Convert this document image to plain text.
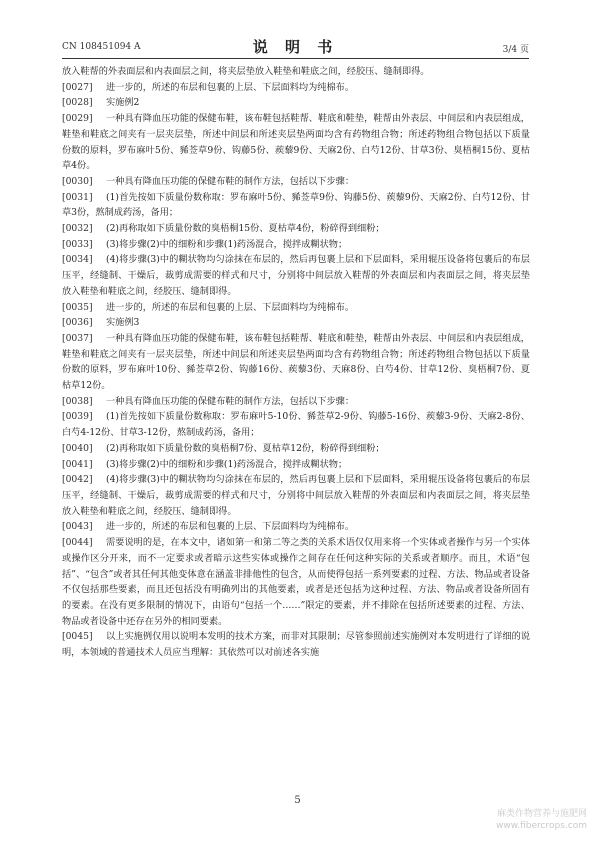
CN 108451094 A	说 明 书	3/4 页

放入鞋帮的外表面层和内表面层之间，将夹层垫放入鞋垫和鞋底之间，经胶压、缝制即得。

[0027] 进一步的，所述的布层和包裹的上层、下层面料均为纯棉布。

[0028] 实施例2

[0029] 一种具有降血压功能的保健布鞋，该布鞋包括鞋帮、鞋底和鞋垫，鞋帮由外表层、中间层和内表层组成，鞋垫和鞋底之间夹有一层夹层垫，所述中间层和所述夹层垫两面均含有药物组合物；所述药物组合物包括以下质量份数的原料，罗布麻叶5份、豨莶草9份、钩藤5份、蒺藜9份、天麻2份、白芍12份、甘草3份、臭梧桐15份、夏枯草4份。

[0030] 一种具有降血压功能的保健布鞋的制作方法，包括以下步骤：

[0031] (1)首先按如下质量份数称取：罗布麻叶5份、豨莶草9份、钩藤5份、蒺藜9份、天麻2份、白芍12份、甘草3份，熬制成药汤，备用；

[0032] (2)再称取如下质量份数的臭梧桐15份、夏枯草4份，粉碎得到细粉；

[0033] (3)将步骤(2)中的细粉和步骤(1)药汤混合，搅拌成糊状物；

[0034] (4)将步骤(3)中的糊状物均匀涂抹在布层的，然后再包裹上层和下层面料，采用辊压设备将包裹后的布层压平，经缝制、干燥后，裁剪成需要的样式和尺寸，分别将中间层放入鞋帮的外表面层和内表面层之间，将夹层垫放入鞋垫和鞋底之间，经胶压、缝制即得。

[0035] 进一步的，所述的布层和包裹的上层、下层面料均为纯棉布。

[0036] 实施例3

[0037] 一种具有降血压功能的保健布鞋，该布鞋包括鞋帮、鞋底和鞋垫，鞋帮由外表层、中间层和内表层组成，鞋垫和鞋底之间夹有一层夹层垫，所述中间层和所述夹层垫两面均含有药物组合物；所述药物组合物包括以下质量份数的原料，罗布麻叶10份、豨莶草2份、钩藤16份、蒺藜3份、天麻8份、白芍4份、甘草12份、臭梧桐7份、夏枯草12份。

[0038] 一种具有降血压功能的保健布鞋的制作方法，包括以下步骤：

[0039] (1)首先按如下质量份数称取：罗布麻叶5-10份、豨莶草2-9份、钩藤5-16份、蒺藜3-9份、天麻2-8份、白芍4-12份、甘草3-12份，熬制成药汤，备用；

[0040] (2)再称取如下质量份数的臭梧桐7份、夏枯草12份，粉碎得到细粉；

[0041] (3)将步骤(2)中的细粉和步骤(1)药汤混合，搅拌成糊状物；

[0042] (4)将步骤(3)中的糊状物均匀涂抹在布层的，然后再包裹上层和下层面料，采用辊压设备将包裹后的布层压平，经缝制、干燥后，裁剪成需要的样式和尺寸，分别将中间层放入鞋帮的外表面层和内表面层之间，将夹层垫放入鞋垫和鞋底之间，经胶压、缝制即得。

[0043] 进一步的，所述的布层和包裹的上层、下层面料均为纯棉布。

[0044] 需要说明的是，在本文中，诸如第一和第二等之类的关系术语仅仅用来将一个实体或者操作与另一个实体或操作区分开来，而不一定要求或者暗示这些实体或操作之间存在任何这种实际的关系或者顺序。而且，术语“包括”、“包含”或者其任何其他变体意在涵盖非排他性的包含，从而使得包括一系列要素的过程、方法、物品或者设备不仅包括那些要素，而且还包括没有明确列出的其他要素，或者是还包括为这种过程、方法、物品或者设备所固有的要素。在没有更多限制的情况下，由语句“包括一个……”限定的要素，并不排除在包括所述要素的过程、方法、物品或者设备中还存在另外的相同要素。

[0045] 以上实施例仅用以说明本发明的技术方案，而非对其限制；尽管参照前述实施例对本发明进行了详细的说明，本领域的普通技术人员应当理解：其依然可以对前述各实施

5
麻类作物营养与施肥网
www.fibercrops.com
